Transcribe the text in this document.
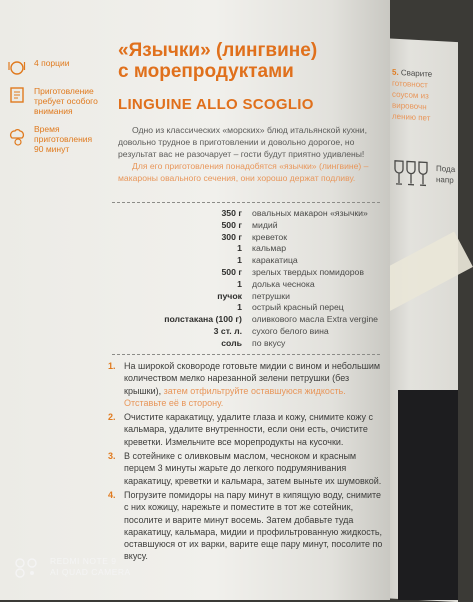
5. Сварите
готовност
соусом из
вировочн
лению пет
Пода
напр
4 порции
Приготовление требует особого внимания
Время приготовления 90 минут
«Язычки» (лингвине)
с морепродуктами
LINGUINE ALLO SCOGLIO

Одно из классических «морских» блюд итальянской кухни, довольно трудное в приготовлении и довольно дорогое, но результат вас не разочарует – гости будут приятно удивлены!

Для его приготовления понадобятся «язычки» (лингвине) – макароны овального сечения, они хорошо держат подливу.

350 г	овальных макарон «язычки»
500 г	мидий
300 г	креветок
1	кальмар
1	каракатица
500 г	зрелых твердых помидоров
1	долька чеснока
пучок	петрушки
1	острый красный перец
полстакана (100 г)	оливкового масла Extra vergine
3 ст. л.	сухого белого вина
соль	по вкусу
1. На широкой сковороде готовьте мидии с вином и небольшим количеством мелко нарезанной зелени петрушки (без крышки), затем отфильтруйте оставшуюся жидкость. Отставьте её в сторону.
2. Очистите каракатицу, удалите глаза и кожу, снимите кожу с кальмара, удалите внутренности, если они есть, очистите креветки. Измельчите все морепродукты на кусочки.
3. В сотейнике с оливковым маслом, чесноком и красным перцем 3 минуты жарьте до легкого подрумянивания каракатицу, креветки и кальмара, затем выньте их шумовкой.
4. Погрузите помидоры на пару минут в кипящую воду, снимите с них кожицу, нарежьте и поместите в тот же сотейник, посолите и варите минут восемь. Затем добавьте туда каракатицу, кальмара, мидии и профильтрованную жидкость, оставшуюся от их варки, варите еще пару минут, посолите по вкусу.
REDMI NOTE 9
AI QUAD CAMERA
